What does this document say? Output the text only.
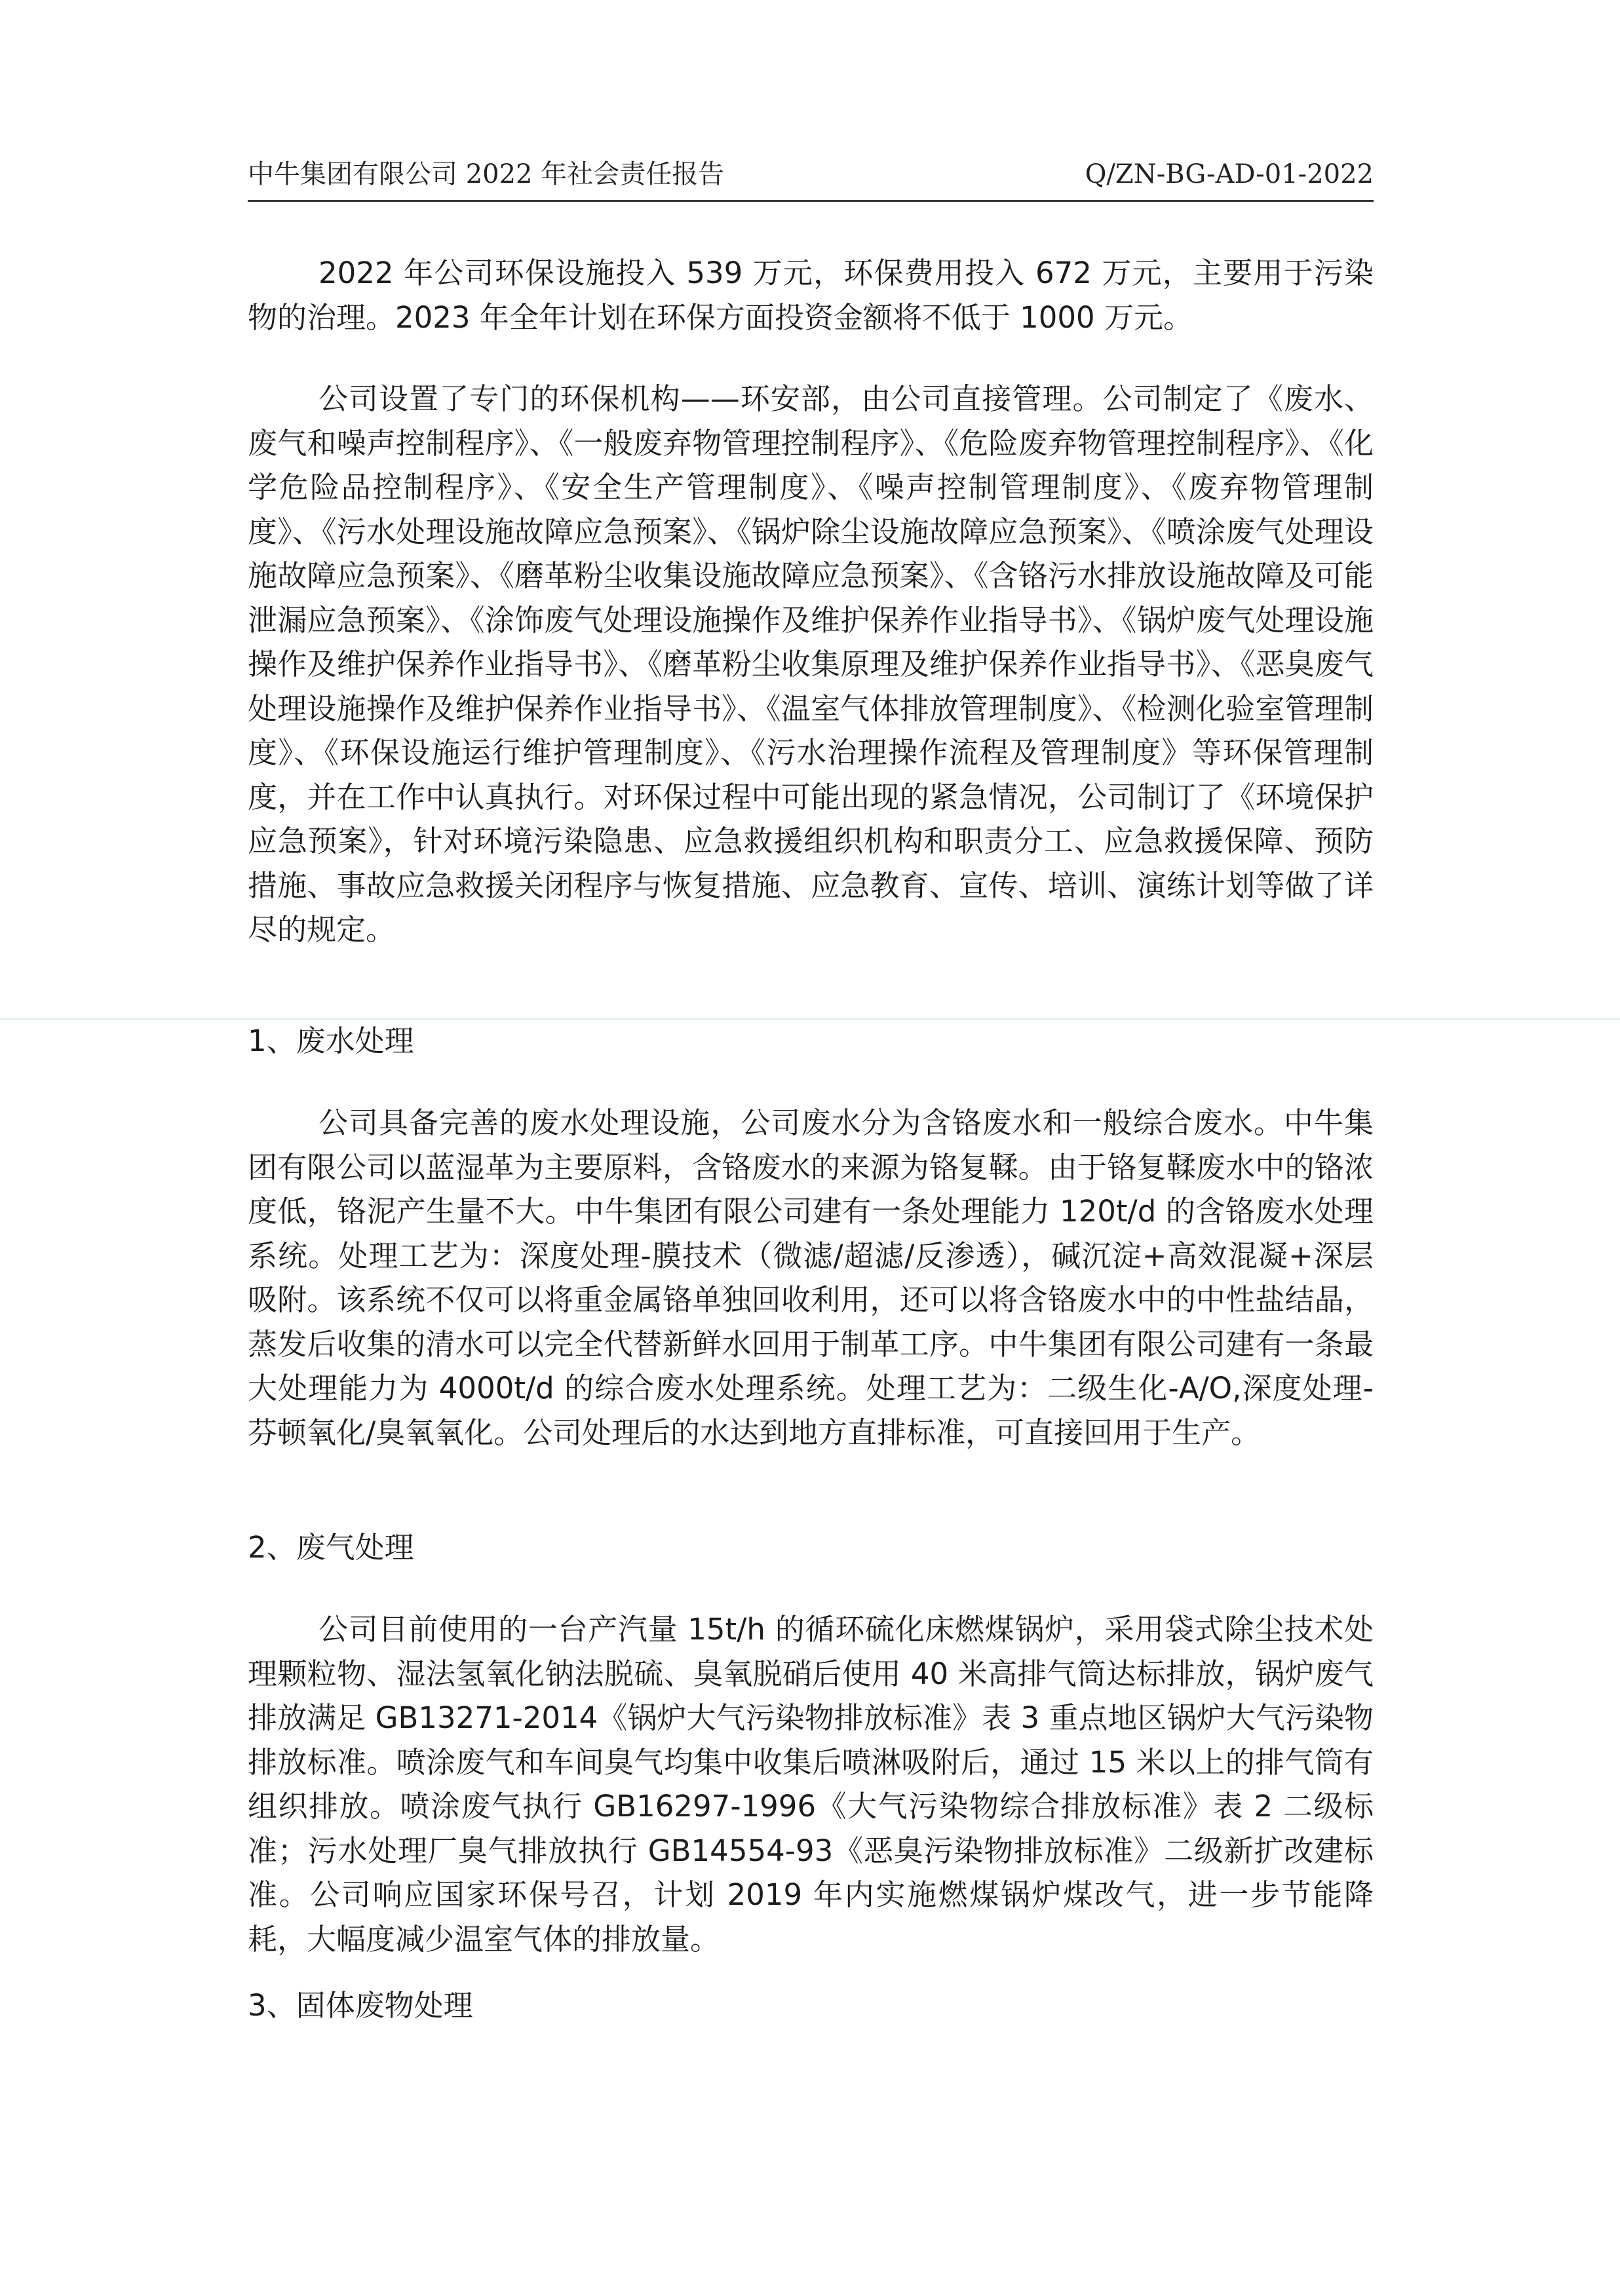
中牛集团有限公司 2022 年社会责任报告	Q/ZN-BG-AD-01-2022

2022 年公司环保设施投入 539 万元，环保费用投入 672 万元，主要用于污染物的治理。2023 年全年计划在环保方面投资金额将不低于 1000 万元。

公司设置了专门的环保机构——环安部，由公司直接管理。公司制定了《废水、废气和噪声控制程序》、《一般废弃物管理控制程序》、《危险废弃物管理控制程序》、《化学危险品控制程序》、《安全生产管理制度》、《噪声控制管理制度》、《废弃物管理制度》、《污水处理设施故障应急预案》、《锅炉除尘设施故障应急预案》、《喷涂废气处理设施故障应急预案》、《磨革粉尘收集设施故障应急预案》、《含铬污水排放设施故障及可能泄漏应急预案》、《涂饰废气处理设施操作及维护保养作业指导书》、《锅炉废气处理设施操作及维护保养作业指导书》、《磨革粉尘收集原理及维护保养作业指导书》、《恶臭废气处理设施操作及维护保养作业指导书》、《温室气体排放管理制度》、《检测化验室管理制度》、《环保设施运行维护管理制度》、《污水治理操作流程及管理制度》等环保管理制度，并在工作中认真执行。对环保过程中可能出现的紧急情况，公司制订了《环境保护应急预案》，针对环境污染隐患、应急救援组织机构和职责分工、应急救援保障、预防措施、事故应急救援关闭程序与恢复措施、应急教育、宣传、培训、演练计划等做了详尽的规定。

1、废水处理

公司具备完善的废水处理设施，公司废水分为含铬废水和一般综合废水。中牛集团有限公司以蓝湿革为主要原料，含铬废水的来源为铬复鞣。由于铬复鞣废水中的铬浓度低，铬泥产生量不大。中牛集团有限公司建有一条处理能力 120t/d 的含铬废水处理系统。处理工艺为：深度处理-膜技术（微滤/超滤/反渗透），碱沉淀+高效混凝+深层吸附。该系统不仅可以将重金属铬单独回收利用，还可以将含铬废水中的中性盐结晶，蒸发后收集的清水可以完全代替新鲜水回用于制革工序。中牛集团有限公司建有一条最大处理能力为 4000t/d 的综合废水处理系统。处理工艺为：二级生化-A/O,深度处理-芬顿氧化/臭氧氧化。公司处理后的水达到地方直排标准，可直接回用于生产。

2、废气处理

公司目前使用的一台产汽量 15t/h 的循环硫化床燃煤锅炉，采用袋式除尘技术处理颗粒物、湿法氢氧化钠法脱硫、臭氧脱硝后使用 40 米高排气筒达标排放，锅炉废气排放满足 GB13271-2014《锅炉大气污染物排放标准》表 3 重点地区锅炉大气污染物排放标准。喷涂废气和车间臭气均集中收集后喷淋吸附后，通过 15 米以上的排气筒有组织排放。喷涂废气执行 GB16297-1996《大气污染物综合排放标准》表 2 二级标准；污水处理厂臭气排放执行 GB14554-93《恶臭污染物排放标准》二级新扩改建标准。公司响应国家环保号召，计划 2019 年内实施燃煤锅炉煤改气，进一步节能降耗，大幅度减少温室气体的排放量。

3、固体废物处理
